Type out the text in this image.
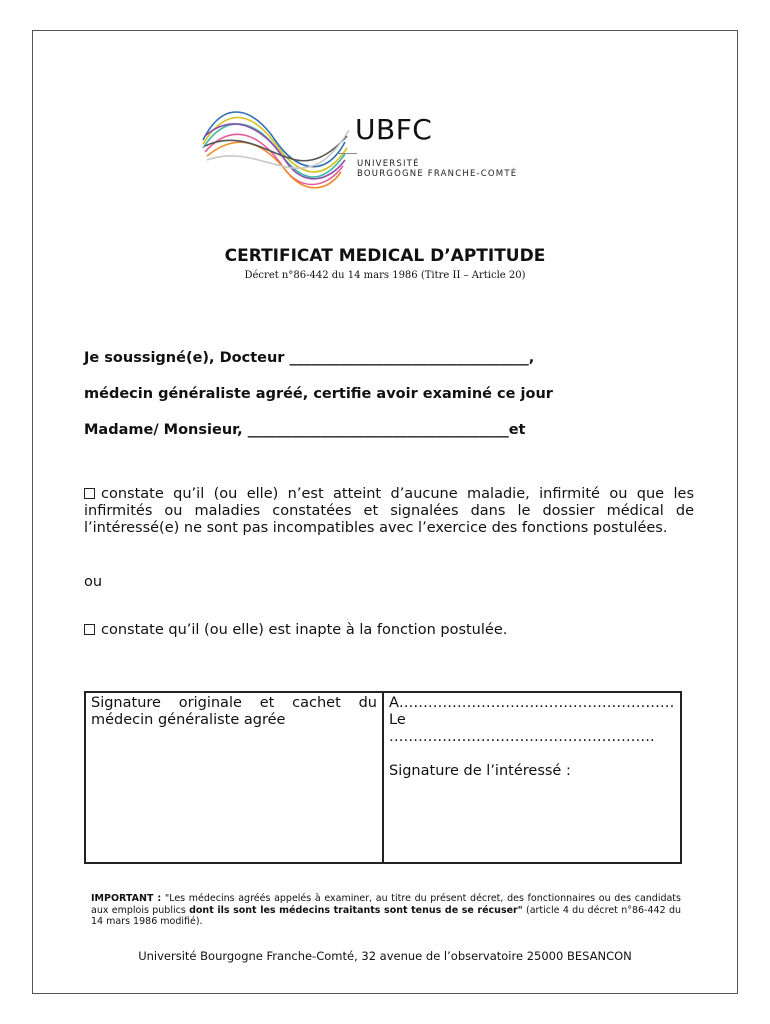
UBFC
UNIVERSITÉ
BOURGOGNE FRANCHE-COMTÉ
CERTIFICAT MEDICAL D’APTITUDE
Décret n°86-442 du 14 mars 1986 (Titre II – Article 20)
Je soussigné(e), Docteur _________________________________,
médecin généraliste agréé, certifie avoir examiné ce jour
Madame/ Monsieur, ____________________________________et
constate qu’il (ou elle) n’est atteint d’aucune maladie, infirmité ou que les infirmités ou maladies constatées et signalées dans le dossier médical de l’intéressé(e) ne sont pas incompatibles avec l’exercice des fonctions postulées.
ou
constate qu’il (ou elle) est inapte à la fonction postulée.
Signature originale et cachet du médecin généraliste agrée
A…………………………………………………
Le ……………………………………………….
Signature de l’intéressé :
IMPORTANT : "Les médecins agréés appelés à examiner, au titre du présent décret, des fonctionnaires ou des candidats aux emplois publics dont ils sont les médecins traitants sont tenus de se récuser" (article 4 du décret n°86-442 du 14 mars 1986 modifié).
Université Bourgogne Franche-Comté, 32 avenue de l’observatoire 25000 BESANCON
